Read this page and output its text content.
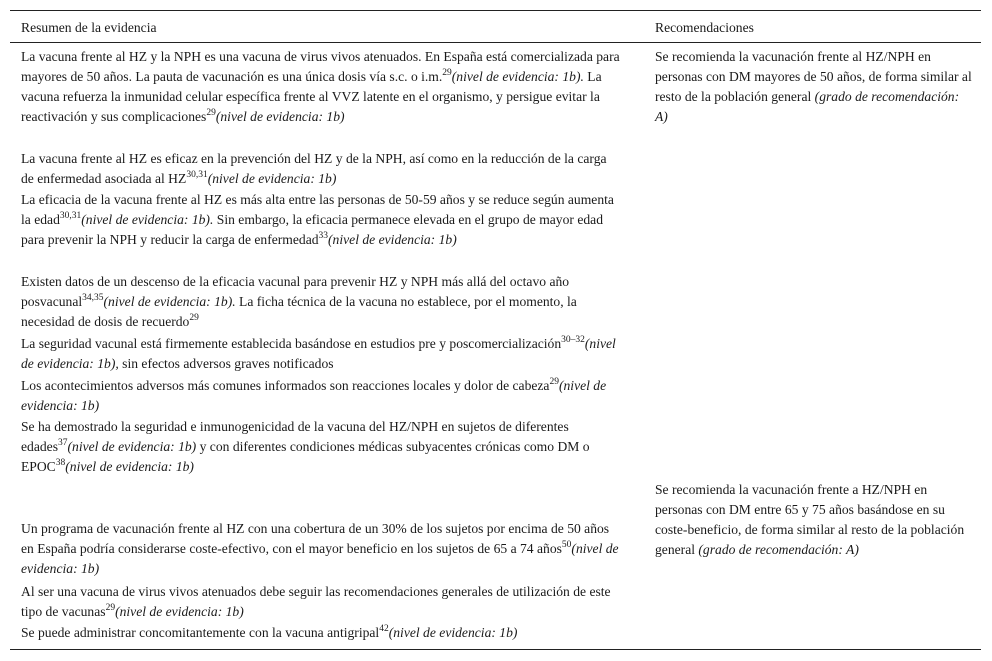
Resumen de la evidencia	Recomendaciones

La vacuna frente al HZ y la NPH es una vacuna de virus vivos atenuados. En España está comercializada para mayores de 50 años. La pauta de vacunación es una única dosis vía s.c. o i.m.$^{29}$(nivel de evidencia: 1b). La vacuna refuerza la inmunidad celular específica frente al VVZ latente en el organismo, y persigue evitar la reactivación y sus complicaciones$^{29}$(nivel de evidencia: 1b)

La vacuna frente al HZ es eficaz en la prevención del HZ y de la NPH, así como en la reducción de la carga de enfermedad asociada al HZ$^{30,31}$(nivel de evidencia: 1b)

La eficacia de la vacuna frente al HZ es más alta entre las personas de 50-59 años y se reduce según aumenta la edad$^{30,31}$(nivel de evidencia: 1b). Sin embargo, la eficacia permanece elevada en el grupo de mayor edad para prevenir la NPH y reducir la carga de enfermedad$^{33}$(nivel de evidencia: 1b)

Existen datos de un descenso de la eficacia vacunal para prevenir HZ y NPH más allá del octavo año posvacunal$^{34,35}$(nivel de evidencia: 1b). La ficha técnica de la vacuna no establece, por el momento, la necesidad de dosis de recuerdo$^{29}$

La seguridad vacunal está firmemente establecida basándose en estudios pre y poscomercialización$^{30-32}$(nivel de evidencia: 1b), sin efectos adversos graves notificados

Los acontecimientos adversos más comunes informados son reacciones locales y dolor de cabeza$^{29}$(nivel de evidencia: 1b)

Se ha demostrado la seguridad e inmunogenicidad de la vacuna del HZ/NPH en sujetos de diferentes edades$^{37}$(nivel de evidencia: 1b) y con diferentes condiciones médicas subyacentes crónicas como DM o EPOC$^{38}$(nivel de evidencia: 1b)

Un programa de vacunación frente al HZ con una cobertura de un 30% de los sujetos por encima de 50 años en España podría considerarse coste-efectivo, con el mayor beneficio en los sujetos de 65 a 74 años$^{50}$(nivel de evidencia: 1b)

Al ser una vacuna de virus vivos atenuados debe seguir las recomendaciones generales de utilización de este tipo de vacunas$^{29}$(nivel de evidencia: 1b)

Se puede administrar concomitantemente con la vacuna antigripal$^{42}$(nivel de evidencia: 1b)

Se recomienda la vacunación frente al HZ/NPH en personas con DM mayores de 50 años, de forma similar al resto de la población general (grado de recomendación: A)

Se recomienda la vacunación frente a HZ/NPH en personas con DM entre 65 y 75 años basándose en su coste-beneficio, de forma similar al resto de la población general (grado de recomendación: A)
